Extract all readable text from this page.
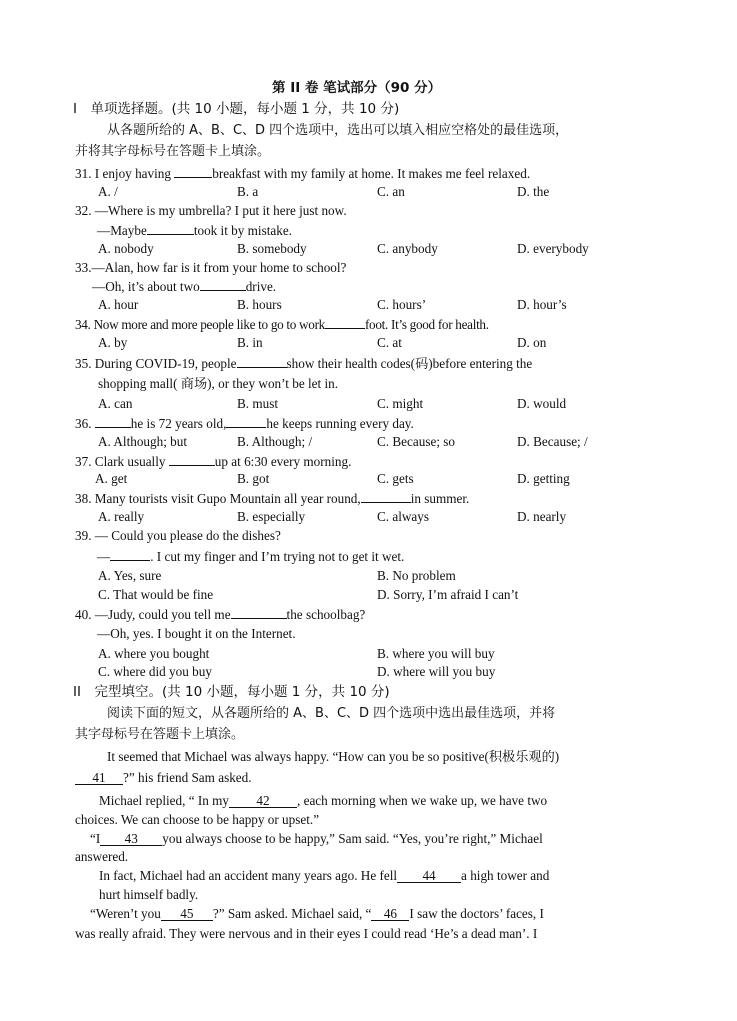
第 II 卷 笔试部分（90 分）
I　单项选择题。(共 10 小题，每小题 1 分，共 10 分)
从各题所给的 A、B、C、D 四个选项中，选出可以填入相应空格处的最佳选项，
并将其字母标号在答题卡上填涂。
31. I enjoy having	breakfast with my family at home. It makes me feel relaxed.
A. /	B. a	C. an	D. the
32. —Where is my umbrella? I put it here just now.
—Maybe	took it by mistake.
A. nobody	B. somebody	C. anybody	D. everybody
33.—Alan, how far is it from your home to school?
—Oh, it’s about two	drive.
A. hour	B. hours	C. hours’	D. hour’s
34. Now more and more people like to go to work	foot. It’s good for health.
A. by	B. in	C. at	D. on
35. During COVID-19, people	show their health codes(码)before entering the
shopping mall( 商场), or they won’t be let in.
A. can	B. must	C. might	D. would
36.	he is 72 years old,	he keeps running every day.
A. Although; but	B. Although; /	C. Because; so	D. Because; /
37. Clark usually	up at 6:30 every morning.
A. get	B. got	C. gets	D. getting
38. Many tourists visit Gupo Mountain all year round,	in summer.
A. really	B. especially	C. always	D. nearly
39. — Could you please do the dishes?
—	. I cut my finger and I’m trying not to get it wet.
A. Yes, sure	B. No problem
C. That would be fine	D. Sorry, I’m afraid I can’t
40. —Judy, could you tell me	the schoolbag?
—Oh, yes. I bought it on the Internet.
A. where you bought	B. where you will buy
C. where did you buy	D. where will you buy
II　完型填空。(共 10 小题，每小题 1 分，共 10 分)
阅读下面的短文，从各题所给的 A、B、C、D 四个选项中选出最佳选项，并将
其字母标号在答题卡上填涂。
It seemed that Michael was always happy. “How can you be so positive(积极乐观的)
41 ?” his friend Sam asked.
Michael replied, “ In my 42 , each morning when we wake up, we have two
choices. We can choose to be happy or upset.”
“I 43 you always choose to be happy,” Sam said. “Yes, you’re right,” Michael
answered.
In fact, Michael had an accident many years ago. He fell 44 a high tower and
hurt himself badly.
“Weren’t you 45 ?” Sam asked. Michael said, “ 46 I saw the doctors’ faces, I
was really afraid. They were nervous and in their eyes I could read ‘He’s a dead man’. I
